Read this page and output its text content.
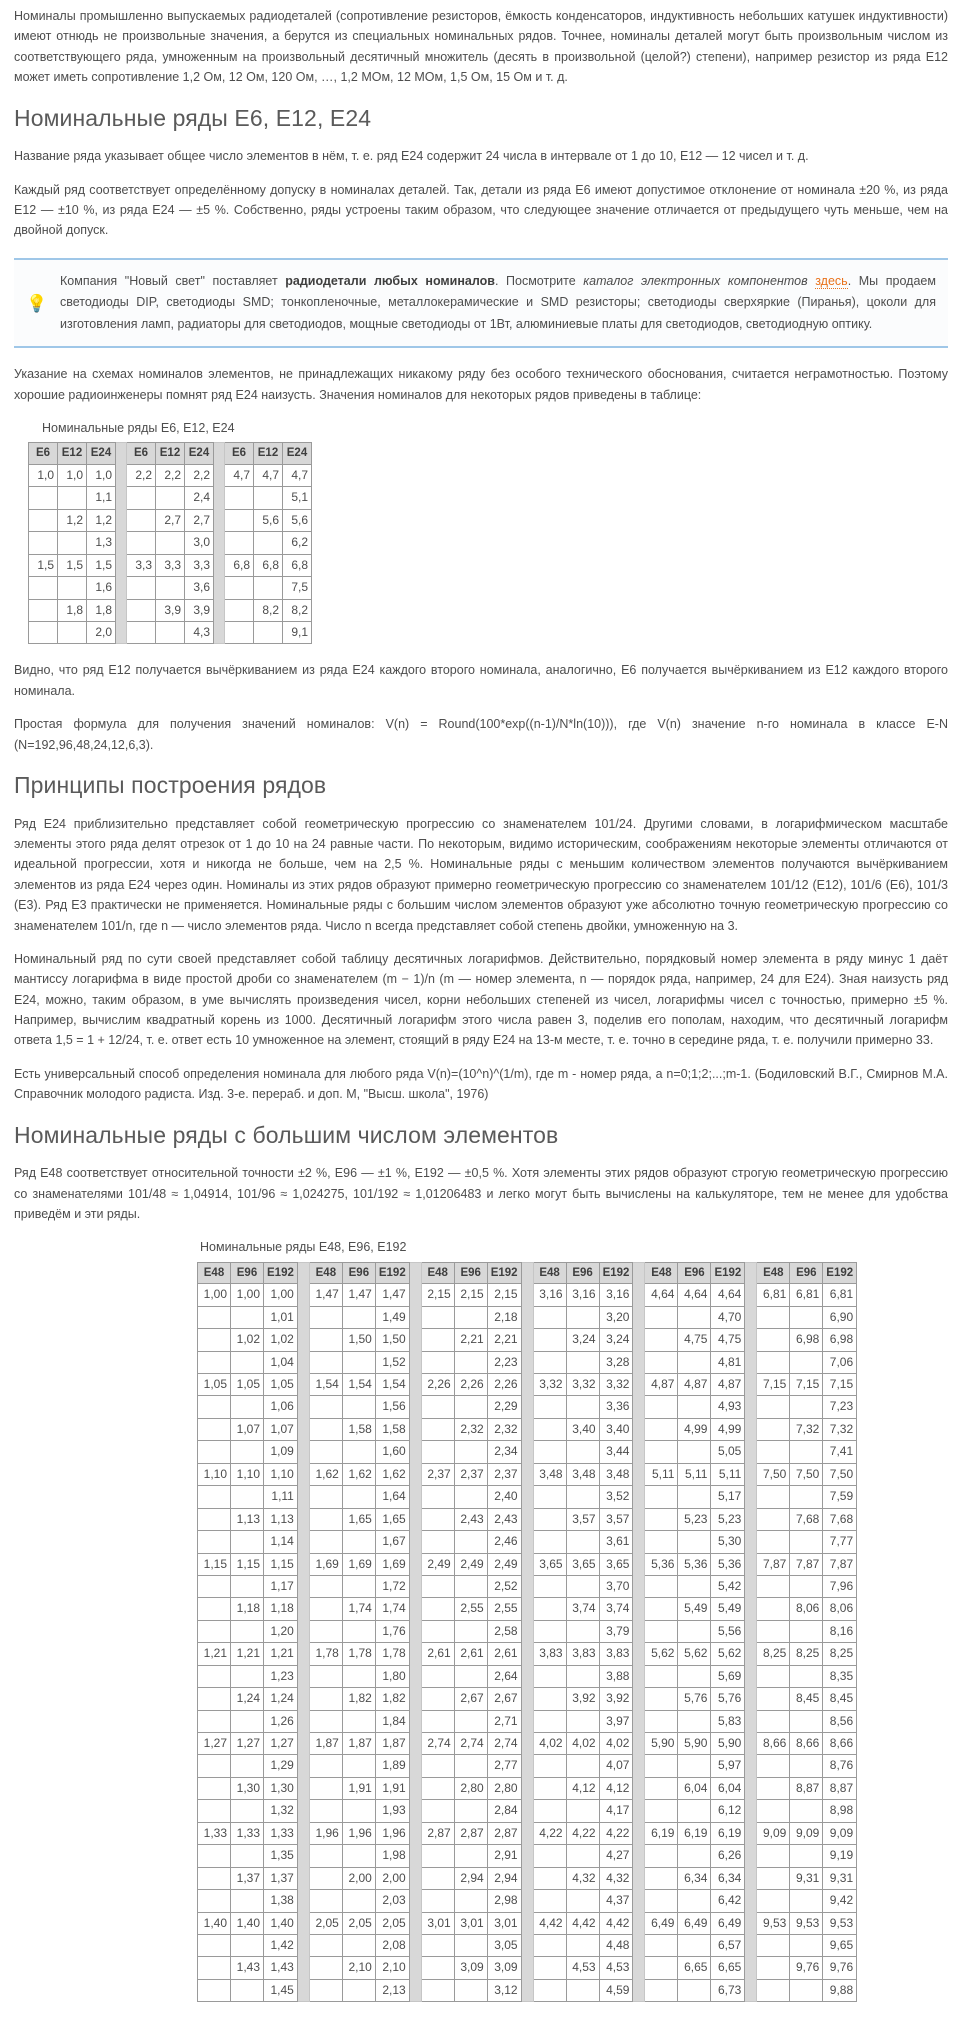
Номиналы промышленно выпускаемых радиодеталей (сопротивление резисторов, ёмкость конденсаторов, индуктивность небольших катушек индуктивности) имеют отнюдь не произвольные значения, а берутся из специальных номинальных рядов. Точнее, номиналы деталей могут быть произвольным числом из соответствующего ряда, умноженным на произвольный десятичный множитель (десять в произвольной (целой?) степени), например резистор из ряда E12 может иметь сопротивление 1,2 Ом, 12 Ом, 120 Ом, …, 1,2 МОм, 12 МОм, 1,5 Ом, 15 Ом и т. д.

Номинальные ряды E6, E12, E24

Название ряда указывает общее число элементов в нём, т. е. ряд E24 содержит 24 числа в интервале от 1 до 10, E12 — 12 чисел и т. д.

Каждый ряд соответствует определённому допуску в номиналах деталей. Так, детали из ряда E6 имеют допустимое отклонение от номинала ±20 %, из ряда E12 — ±10 %, из ряда E24 — ±5 %. Собственно, ряды устроены таким образом, что следующее значение отличается от предыдущего чуть меньше, чем на двойной допуск.

💡
Компания "Новый свет" поставляет радиодетали любых номиналов. Посмотрите каталог электронных компонентов здесь. Мы продаем светодиоды DIP, светодиоды SMD; тонкопленочные, металлокерамические и SMD резисторы; светодиоды сверхяркие (Пиранья), цоколи для изготовления ламп, радиаторы для светодиодов, мощные светодиоды от 1Вт, алюминиевые платы для светодиодов, светодиодную оптику.

Указание на схемах номиналов элементов, не принадлежащих никакому ряду без особого технического обоснования, считается неграмотностью. Поэтому хорошие радиоинженеры помнят ряд E24 наизусть. Значения номиналов для некоторых рядов приведены в таблице:

Номинальные ряды E6, E12, E24
E6	E12	E24		E6	E12	E24		E6	E12	E24
1,0	1,0	1,0		2,2	2,2	2,2		4,7	4,7	4,7
		1,1				2,4				5,1
	1,2	1,2			2,7	2,7			5,6	5,6
		1,3				3,0				6,2
1,5	1,5	1,5		3,3	3,3	3,3		6,8	6,8	6,8
		1,6				3,6				7,5
	1,8	1,8			3,9	3,9			8,2	8,2
		2,0				4,3				9,1

Видно, что ряд E12 получается вычёркиванием из ряда E24 каждого второго номинала, аналогично, E6 получается вычёркиванием из E12 каждого второго номинала.

Простая формула для получения значений номиналов: V(n) = Round(100*exp((n-1)/N*ln(10))), где V(n) значение n-го номинала в классе E-N (N=192,96,48,24,12,6,3).

Принципы построения рядов

Ряд E24 приблизительно представляет собой геометрическую прогрессию со знаменателем 101/24. Другими словами, в логарифмическом масштабе элементы этого ряда делят отрезок от 1 до 10 на 24 равные части. По некоторым, видимо историческим, соображениям некоторые элементы отличаются от идеальной прогрессии, хотя и никогда не больше, чем на 2,5 %. Номинальные ряды с меньшим количеством элементов получаются вычёркиванием элементов из ряда E24 через один. Номиналы из этих рядов образуют примерно геометрическую прогрессию со знаменателем 101/12 (E12), 101/6 (E6), 101/3 (E3). Ряд E3 практически не применяется. Номинальные ряды с большим числом элементов образуют уже абсолютно точную геометрическую прогрессию со знаменателем 101/n, где n — число элементов ряда. Число n всегда представляет собой степень двойки, умноженную на 3.

Номинальный ряд по сути своей представляет собой таблицу десятичных логарифмов. Действительно, порядковый номер элемента в ряду минус 1 даёт мантиссу логарифма в виде простой дроби со знаменателем (m − 1)/n (m — номер элемента, n — порядок ряда, например, 24 для E24). Зная наизусть ряд E24, можно, таким образом, в уме вычислять произведения чисел, корни небольших степеней из чисел, логарифмы чисел с точностью, примерно ±5 %. Например, вычислим квадратный корень из 1000. Десятичный логарифм этого числа равен 3, поделив его пополам, находим, что десятичный логарифм ответа 1,5 = 1 + 12/24, т. е. ответ есть 10 умноженное на элемент, стоящий в ряду E24 на 13-м месте, т. е. точно в середине ряда, т. е. получили примерно 33.

Есть универсальный способ определения номинала для любого ряда V(n)=(10^n)^(1/m), где m - номер ряда, а n=0;1;2;...;m-1. (Бодиловский В.Г., Смирнов М.А. Справочник молодого радиста. Изд. 3-е. перераб. и доп. М, "Высш. школа", 1976)

Номинальные ряды с большим числом элементов

Ряд E48 соответствует относительной точности ±2 %, E96 — ±1 %, E192 — ±0,5 %. Хотя элементы этих рядов образуют строгую геометрическую прогрессию со знаменателями 101/48 ≈ 1,04914, 101/96 ≈ 1,024275, 101/192 ≈ 1,01206483 и легко могут быть вычислены на калькуляторе, тем не менее для удобства приведём и эти ряды.

Номинальные ряды E48, E96, E192
E48	E96	E192		E48	E96	E192		E48	E96	E192		E48	E96	E192		E48	E96	E192		E48	E96	E192
1,00	1,00	1,00		1,47	1,47	1,47		2,15	2,15	2,15		3,16	3,16	3,16		4,64	4,64	4,64		6,81	6,81	6,81
		1,01				1,49				2,18				3,20				4,70				6,90
	1,02	1,02			1,50	1,50			2,21	2,21			3,24	3,24			4,75	4,75			6,98	6,98
		1,04				1,52				2,23				3,28				4,81				7,06
1,05	1,05	1,05		1,54	1,54	1,54		2,26	2,26	2,26		3,32	3,32	3,32		4,87	4,87	4,87		7,15	7,15	7,15
		1,06				1,56				2,29				3,36				4,93				7,23
	1,07	1,07			1,58	1,58			2,32	2,32			3,40	3,40			4,99	4,99			7,32	7,32
		1,09				1,60				2,34				3,44				5,05				7,41
1,10	1,10	1,10		1,62	1,62	1,62		2,37	2,37	2,37		3,48	3,48	3,48		5,11	5,11	5,11		7,50	7,50	7,50
		1,11				1,64				2,40				3,52				5,17				7,59
	1,13	1,13			1,65	1,65			2,43	2,43			3,57	3,57			5,23	5,23			7,68	7,68
		1,14				1,67				2,46				3,61				5,30				7,77
1,15	1,15	1,15		1,69	1,69	1,69		2,49	2,49	2,49		3,65	3,65	3,65		5,36	5,36	5,36		7,87	7,87	7,87
		1,17				1,72				2,52				3,70				5,42				7,96
	1,18	1,18			1,74	1,74			2,55	2,55			3,74	3,74			5,49	5,49			8,06	8,06
		1,20				1,76				2,58				3,79				5,56				8,16
1,21	1,21	1,21		1,78	1,78	1,78		2,61	2,61	2,61		3,83	3,83	3,83		5,62	5,62	5,62		8,25	8,25	8,25
		1,23				1,80				2,64				3,88				5,69				8,35
	1,24	1,24			1,82	1,82			2,67	2,67			3,92	3,92			5,76	5,76			8,45	8,45
		1,26				1,84				2,71				3,97				5,83				8,56
1,27	1,27	1,27		1,87	1,87	1,87		2,74	2,74	2,74		4,02	4,02	4,02		5,90	5,90	5,90		8,66	8,66	8,66
		1,29				1,89				2,77				4,07				5,97				8,76
	1,30	1,30			1,91	1,91			2,80	2,80			4,12	4,12			6,04	6,04			8,87	8,87
		1,32				1,93				2,84				4,17				6,12				8,98
1,33	1,33	1,33		1,96	1,96	1,96		2,87	2,87	2,87		4,22	4,22	4,22		6,19	6,19	6,19		9,09	9,09	9,09
		1,35				1,98				2,91				4,27				6,26				9,19
	1,37	1,37			2,00	2,00			2,94	2,94			4,32	4,32			6,34	6,34			9,31	9,31
		1,38				2,03				2,98				4,37				6,42				9,42
1,40	1,40	1,40		2,05	2,05	2,05		3,01	3,01	3,01		4,42	4,42	4,42		6,49	6,49	6,49		9,53	9,53	9,53
		1,42				2,08				3,05				4,48				6,57				9,65
	1,43	1,43			2,10	2,10			3,09	3,09			4,53	4,53			6,65	6,65			9,76	9,76
		1,45				2,13				3,12				4,59				6,73				9,88
